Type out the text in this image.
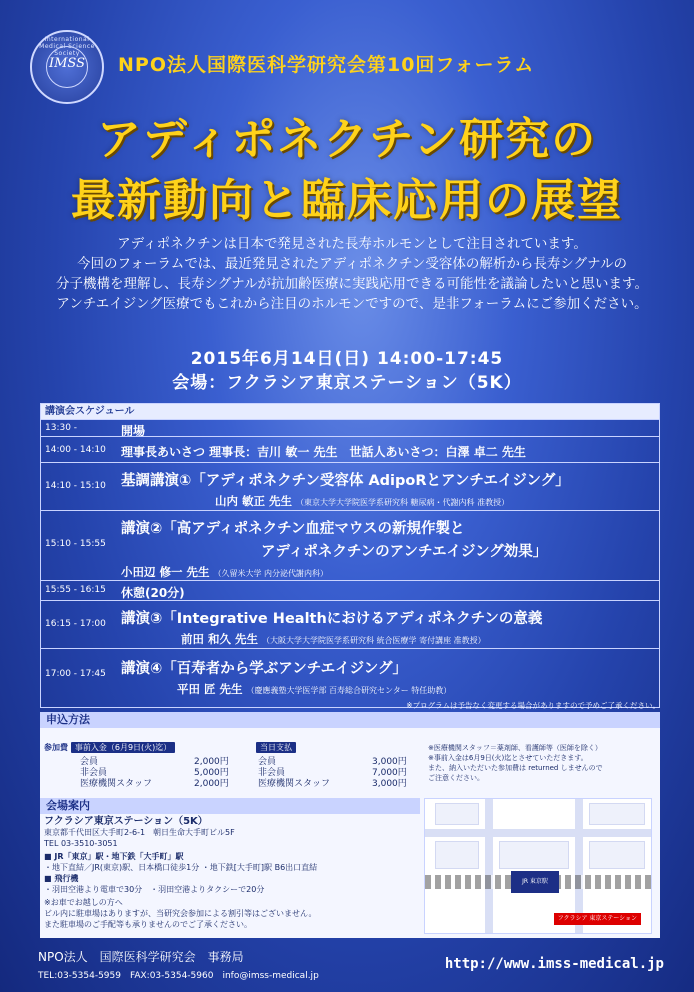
International Medical Science Society
IMSS	NPO法人国際医科学研究会第10回フォーラム
アディポネクチン研究の
最新動向と臨床応用の展望
アディポネクチンは日本で発見された長寿ホルモンとして注目されています。
今回のフォーラムでは、最近発見されたアディポネクチン受容体の解析から長寿シグナルの
分子機構を理解し、長寿シグナルが抗加齢医療に実践応用できる可能性を議論したいと思います。
アンチエイジング医療でもこれから注目のホルモンですので、是非フォーラムにご参加ください。
2015年6月14日(日) 14:00-17:45
会場：フクラシア東京ステーション（5K）
講演会スケジュール
13:30 -	開場
14:00 - 14:10 理事長あいさつ 理事長：吉川 敏一 先生　世話人あいさつ：白澤 卓二 先生
14:10 - 15:10 基調講演①「アディポネクチン受容体 AdipoRとアンチエイジング」
山内 敏正 先生 （東京大学大学院医学系研究科 糖尿病・代謝内科 准教授）
15:10 - 15:55
講演②「高アディポネクチン血症マウスの新規作製と
アディポネクチンのアンチエイジング効果」
小田辺 修一 先生 （久留米大学 内分泌代謝内科）
15:55 - 16:15 休憩(20分)
16:15 - 17:00 講演③「Integrative Healthにおけるアディポネクチンの意義
前田 和久 先生 （大阪大学大学院医学系研究科 統合医療学 寄付講座 准教授）
17:00 - 17:45 講演④「百寿者から学ぶアンチエイジング」
平田 匠 先生 （慶應義塾大学医学部 百寿総合研究センター 特任助教）
※プログラムは予告なく変更する場合がありますので予めご了承ください。
申込方法
参加費 事前入金（6月9日(火)迄）
会員	2,000円
非会員	5,000円
医療機関スタッフ	2,000円
当日支払
会員	3,000円
非会員	7,000円
医療機関スタッフ	3,000円
※医療機関スタッフ＝薬剤師、看護師等（医師を除く）
※事前入金は6月9日(火)迄とさせていただきます。
また、納入いただいた参加費は returned しませんので
ご注意ください。
会場案内
フクラシア東京ステーション（5K）
東京都千代田区大手町2-6-1　朝日生命大手町ビル5F
TEL 03-3510-3051
■ JR「東京」駅・地下鉄「大手町」駅
・地下直結／JR(東京)駅、日本橋口徒歩1分 ・地下鉄[大手町]駅 B6出口直結
■ 飛行機
・羽田空港より電車で30分　・羽田空港よりタクシーで20分
※お車でお越しの方へ
ビル内に駐車場はありますが、当研究会参加による割引等はございません。
また駐車場のご手配等も承りませんのでご了承ください。
JR 東京駅
フクラシア 東京ステーション
NPO法人　国際医科学研究会　事務局
TEL:03-5354-5959　FAX:03-5354-5960　info@imss-medical.jp
http://www.imss-medical.jp
